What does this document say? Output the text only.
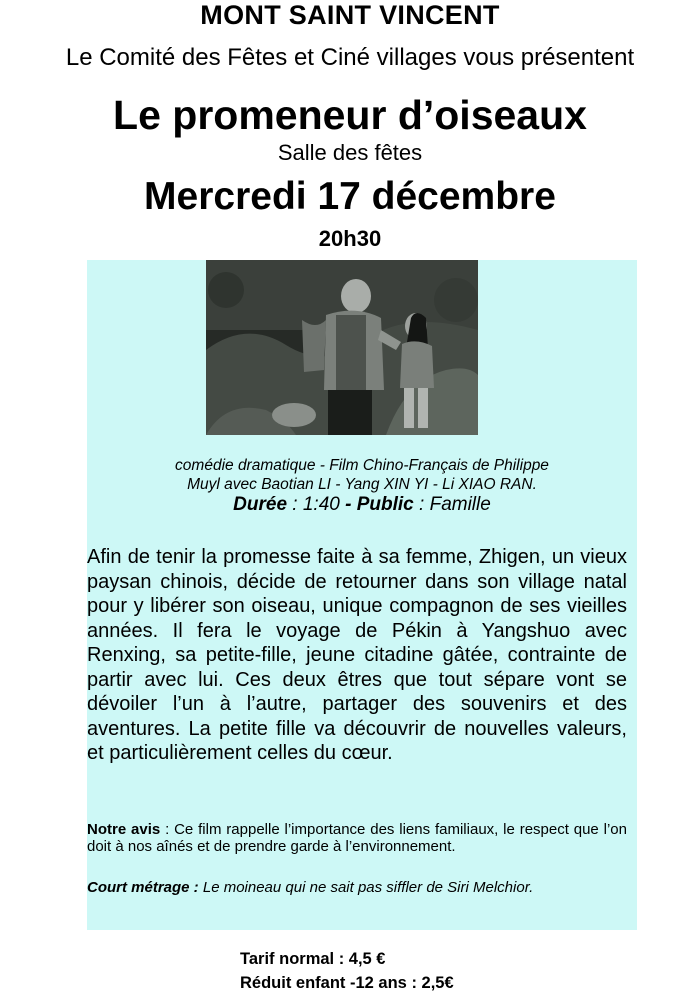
MONT SAINT VINCENT
Le Comité des Fêtes et Ciné villages vous présentent
Le promeneur d’oiseaux
Salle des fêtes
Mercredi 17 décembre
20h30
comédie dramatique - Film Chino-Français de Philippe
Muyl avec Baotian LI - Yang XIN YI - Li XIAO RAN.
Durée : 1:40 - Public : Famille
Afin de tenir la promesse faite à sa femme, Zhigen, un vieux paysan chinois, décide de retourner dans son village natal pour y libérer son oiseau, unique compagnon de ses vieilles années. Il fera le voyage de Pékin à Yangshuo avec Renxing, sa petite-fille, jeune citadine gâtée, contrainte de partir avec lui. Ces deux êtres que tout sépare vont se dévoiler l’un à l’autre, partager des souvenirs et des aventures. La petite fille va découvrir de nouvelles valeurs, et particulièrement celles du cœur.
Notre avis : Ce film rappelle l’importance des liens familiaux, le respect que l’on doit à nos aînés et de prendre garde à l’environnement.
Court métrage : Le moineau qui ne sait pas siffler de Siri Melchior.
Tarif normal : 4,5 €
Réduit enfant -12 ans : 2,5€
